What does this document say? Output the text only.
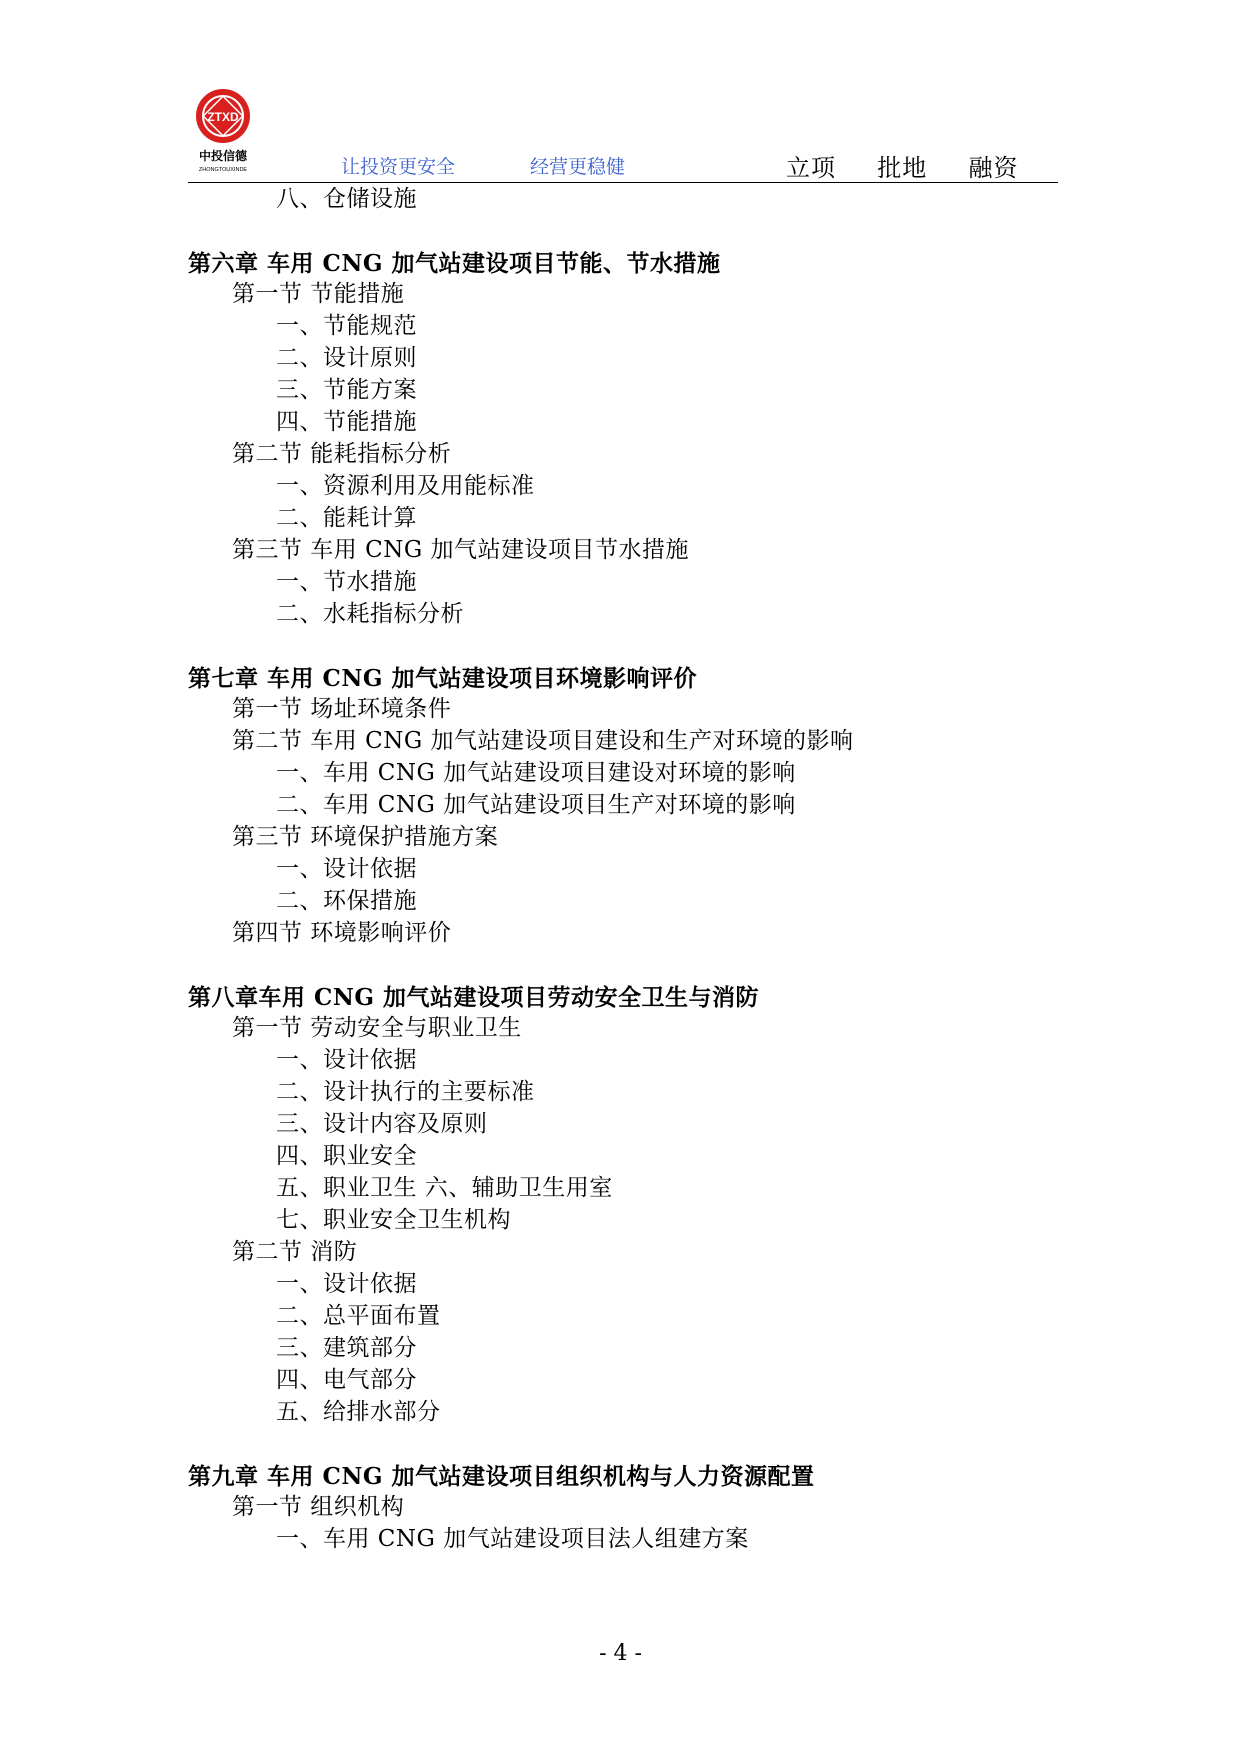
ZTXD
中投信德
ZHONGTOUXINDE	让投资更安全	经营更稳健	立项  批地  融资
八、仓储设施
第六章 车用 CNG 加气站建设项目节能、节水措施
第一节 节能措施
一、节能规范
二、设计原则
三、节能方案
四、节能措施
第二节 能耗指标分析
一、资源利用及用能标准
二、能耗计算
第三节 车用 CNG 加气站建设项目节水措施
一、节水措施
二、水耗指标分析
第七章 车用 CNG 加气站建设项目环境影响评价
第一节 场址环境条件
第二节 车用 CNG 加气站建设项目建设和生产对环境的影响
一、车用 CNG 加气站建设项目建设对环境的影响
二、车用 CNG 加气站建设项目生产对环境的影响
第三节 环境保护措施方案
一、设计依据
二、环保措施
第四节 环境影响评价
第八章车用 CNG 加气站建设项目劳动安全卫生与消防
第一节 劳动安全与职业卫生
一、设计依据
二、设计执行的主要标准
三、设计内容及原则
四、职业安全
五、职业卫生 六、辅助卫生用室
七、职业安全卫生机构
第二节 消防
一、设计依据
二、总平面布置
三、建筑部分
四、电气部分
五、给排水部分
第九章 车用 CNG 加气站建设项目组织机构与人力资源配置
第一节 组织机构
一、车用 CNG 加气站建设项目法人组建方案
- 4 -
